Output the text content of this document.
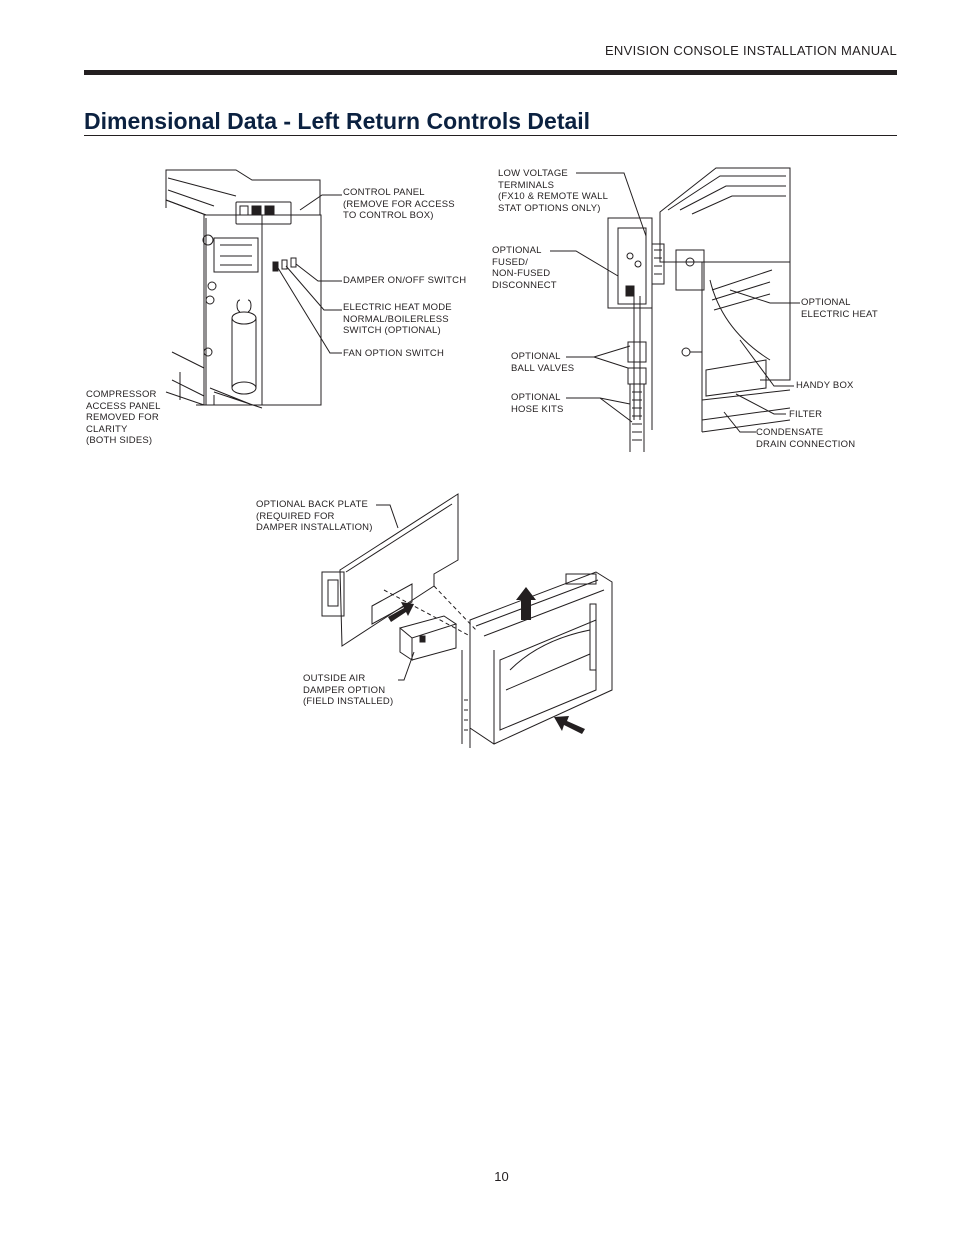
ENVISION CONSOLE INSTALLATION MANUAL
Dimensional Data - Left Return Controls Detail
CONTROL PANEL
(REMOVE FOR ACCESS
TO CONTROL BOX)
DAMPER ON/OFF SWITCH
ELECTRIC HEAT MODE
NORMAL/BOILERLESS
SWITCH (OPTIONAL)
FAN OPTION SWITCH
COMPRESSOR
ACCESS PANEL
REMOVED FOR
CLARITY
(BOTH SIDES)
LOW VOLTAGE
TERMINALS
(FX10 & REMOTE WALL
STAT OPTIONS ONLY)
OPTIONAL
FUSED/
NON-FUSED
DISCONNECT
OPTIONAL
ELECTRIC HEAT
OPTIONAL
BALL VALVES
OPTIONAL
HOSE KITS
HANDY BOX
FILTER
CONDENSATE
DRAIN CONNECTION
OPTIONAL BACK PLATE
(REQUIRED FOR
DAMPER INSTALLATION)
OUTSIDE AIR
DAMPER OPTION
(FIELD INSTALLED)
10
